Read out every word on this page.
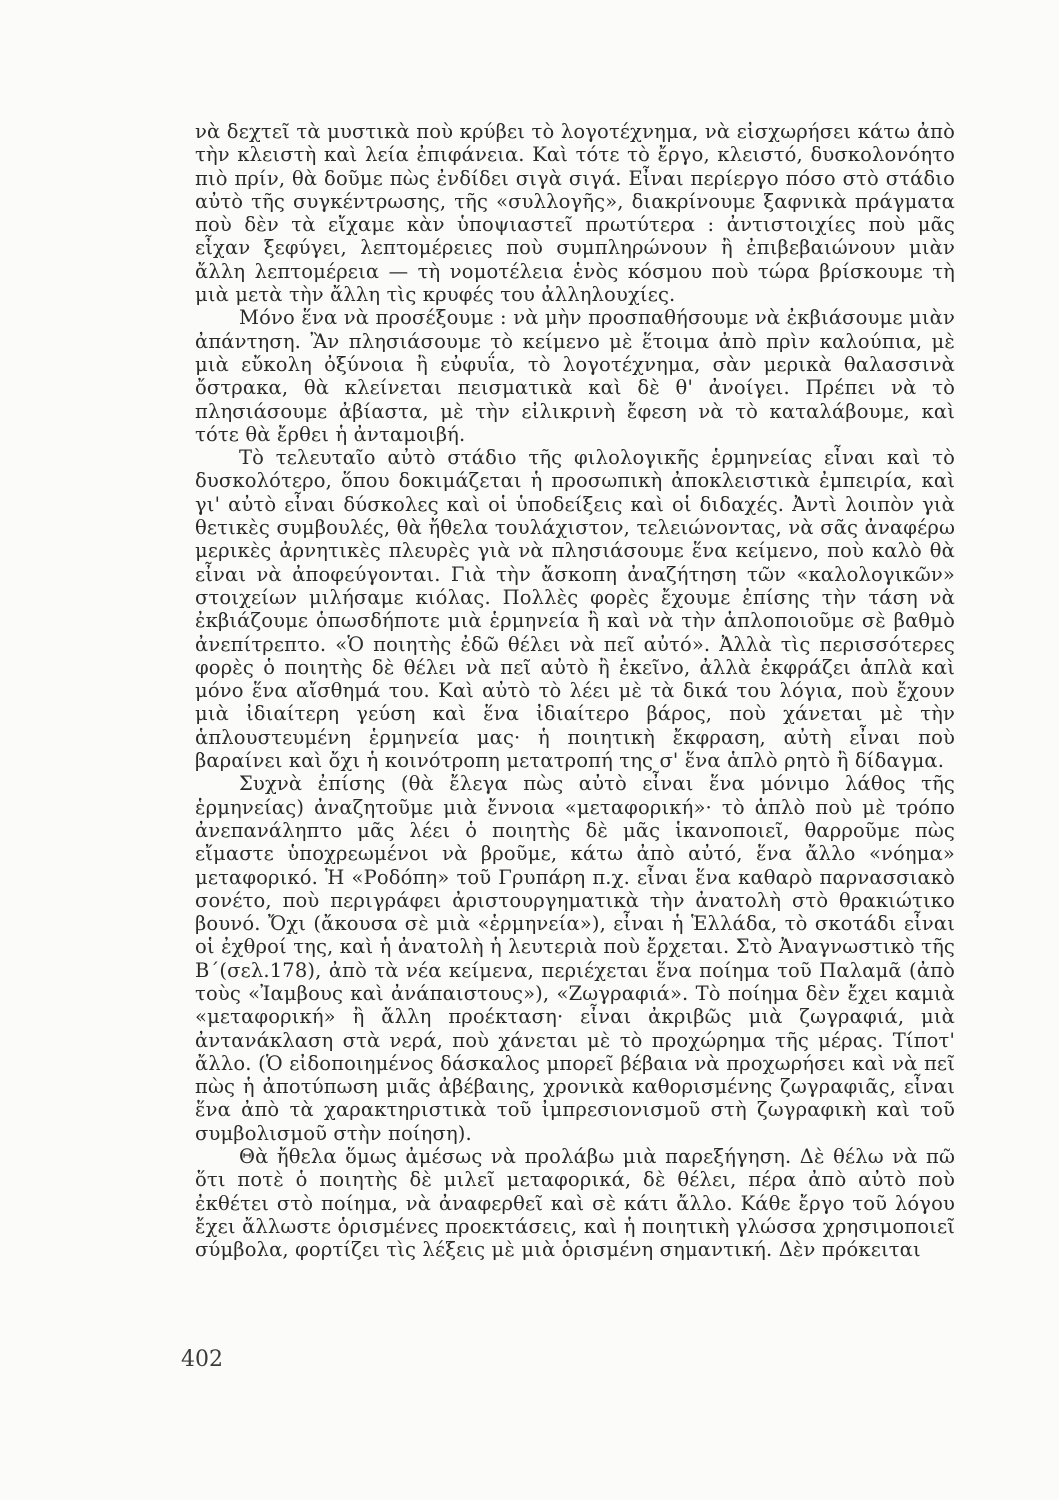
νὰ δεχτεῖ τὰ μυστικὰ ποὺ κρύβει τὸ λογοτέχνημα, νὰ εἰσχωρήσει κάτω ἀπὸ τὴν κλειστὴ καὶ λεία ἐπιφάνεια. Καὶ τότε τὸ ἔργο, κλειστό, δυσκολονόητο πιὸ πρίν, θὰ δοῦμε πὼς ἐνδίδει σιγὰ σιγά. Εἶναι περίεργο πόσο στὸ στάδιο αὐτὸ τῆς συγκέντρωσης, τῆς «συλλογῆς», διακρίνουμε ξαφνικὰ πράγματα ποὺ δὲν τὰ εἴχαμε κὰν ὑποψιαστεῖ πρωτύτερα : ἀντιστοιχίες ποὺ μᾶς εἶχαν ξεφύγει, λεπτομέρειες ποὺ συμπληρώνουν ἢ ἐπιβεβαιώνουν μιὰν ἄλλη λεπτομέρεια — τὴ νομοτέλεια ἑνὸς κόσμου ποὺ τώρα βρίσκουμε τὴ μιὰ μετὰ τὴν ἄλλη τὶς κρυφές του ἀλληλουχίες.

Μόνο ἕνα νὰ προσέξουμε : νὰ μὴν προσπαθήσουμε νὰ ἐκβιάσουμε μιὰν ἀπάντηση. Ἂν πλησιάσουμε τὸ κείμενο μὲ ἕτοιμα ἀπὸ πρὶν καλούπια, μὲ μιὰ εὔκολη ὀξύνοια ἢ εὐφυΐα, τὸ λογοτέχνημα, σὰν μερικὰ θαλασσινὰ ὄστρακα, θὰ κλείνεται πεισματικὰ καὶ δὲ θ' ἀνοίγει. Πρέπει νὰ τὸ πλησιάσουμε ἀβίαστα, μὲ τὴν εἰλικρινὴ ἔφεση νὰ τὸ καταλάβουμε, καὶ τότε θὰ ἔρθει ἡ ἀνταμοιβή.

Τὸ τελευταῖο αὐτὸ στάδιο τῆς φιλολογικῆς ἑρμηνείας εἶναι καὶ τὸ δυσκολότερο, ὅπου δοκιμάζεται ἡ προσωπικὴ ἀποκλειστικὰ ἐμπειρία, καὶ γι' αὐτὸ εἶναι δύσκολες καὶ οἱ ὑποδείξεις καὶ οἱ διδαχές. Ἀντὶ λοιπὸν γιὰ θετικὲς συμβουλές, θὰ ἤθελα τουλάχιστον, τελειώνοντας, νὰ σᾶς ἀναφέρω μερικὲς ἀρνητικὲς πλευρὲς γιὰ νὰ πλησιάσουμε ἕνα κείμενο, ποὺ καλὸ θὰ εἶναι νὰ ἀποφεύγονται. Γιὰ τὴν ἄσκοπη ἀναζήτηση τῶν «καλολογικῶν» στοιχείων μιλήσαμε κιόλας. Πολλὲς φορὲς ἔχουμε ἐπίσης τὴν τάση νὰ ἐκβιάζουμε ὁπωσδήποτε μιὰ ἑρμηνεία ἢ καὶ νὰ τὴν ἁπλοποιοῦμε σὲ βαθμὸ ἀνεπίτρεπτο. «Ὁ ποιητὴς ἐδῶ θέλει νὰ πεῖ αὐτό». Ἀλλὰ τὶς περισσότερες φορὲς ὁ ποιητὴς δὲ θέλει νὰ πεῖ αὐτὸ ἢ ἐκεῖνο, ἀλλὰ ἐκφράζει ἁπλὰ καὶ μόνο ἕνα αἴσθημά του. Καὶ αὐτὸ τὸ λέει μὲ τὰ δικά του λόγια, ποὺ ἔχουν μιὰ ἰδιαίτερη γεύση καὶ ἕνα ἰδιαίτερο βάρος, ποὺ χάνεται μὲ τὴν ἁπλουστευμένη ἑρμηνεία μας· ἡ ποιητικὴ ἔκφραση, αὐτὴ εἶναι ποὺ βαραίνει καὶ ὄχι ἡ κοινότροπη μετατροπή της σ' ἕνα ἁπλὸ ρητὸ ἢ δίδαγμα.

Συχνὰ ἐπίσης (θὰ ἔλεγα πὼς αὐτὸ εἶναι ἕνα μόνιμο λάθος τῆς ἑρμηνείας) ἀναζητοῦμε μιὰ ἔννοια «μεταφορική»· τὸ ἁπλὸ ποὺ μὲ τρόπο ἀνεπανάληπτο μᾶς λέει ὁ ποιητὴς δὲ μᾶς ἱκανοποιεῖ, θαρροῦμε πὼς εἴμαστε ὑποχρεωμένοι νὰ βροῦμε, κάτω ἀπὸ αὐτό, ἕνα ἄλλο «νόημα» μεταφορικό. Ἡ «Ροδόπη» τοῦ Γρυπάρη π.χ. εἶναι ἕνα καθαρὸ παρνασσιακὸ σονέτο, ποὺ περιγράφει ἀριστουργηματικὰ τὴν ἀνατολὴ στὸ θρακιώτικο βουνό. Ὄχι (ἄκουσα σὲ μιὰ «ἑρμηνεία»), εἶναι ἡ Ἑλλάδα, τὸ σκοτάδι εἶναι οἱ ἐχθροί της, καὶ ἡ ἀνατολὴ ἡ λευτεριὰ ποὺ ἔρχεται. Στὸ Ἀναγνωστικὸ τῆς Β΄(σελ.178), ἀπὸ τὰ νέα κείμενα, περιέχεται ἕνα ποίημα τοῦ Παλαμᾶ (ἀπὸ τοὺς «Ἰαμβους καὶ ἀνάπαιστους»), «Ζωγραφιά». Τὸ ποίημα δὲν ἔχει καμιὰ «μεταφορική» ἢ ἄλλη προέκταση· εἶναι ἀκριβῶς μιὰ ζωγραφιά, μιὰ ἀντανάκλαση στὰ νερά, ποὺ χάνεται μὲ τὸ προχώρημα τῆς μέρας. Τίποτ' ἄλλο. (Ὁ εἰδοποιημένος δάσκαλος μπορεῖ βέβαια νὰ προχωρήσει καὶ νὰ πεῖ πὼς ἡ ἀποτύπωση μιᾶς ἀβέβαιης, χρονικὰ καθορισμένης ζωγραφιᾶς, εἶναι ἕνα ἀπὸ τὰ χαρακτηριστικὰ τοῦ ἰμπρεσιονισμοῦ στὴ ζωγραφικὴ καὶ τοῦ συμβολισμοῦ στὴν ποίηση).

Θὰ ἤθελα ὅμως ἀμέσως νὰ προλάβω μιὰ παρεξήγηση. Δὲ θέλω νὰ πῶ ὅτι ποτὲ ὁ ποιητὴς δὲ μιλεῖ μεταφορικά, δὲ θέλει, πέρα ἀπὸ αὐτὸ ποὺ ἐκθέτει στὸ ποίημα, νὰ ἀναφερθεῖ καὶ σὲ κάτι ἄλλο. Κάθε ἔργο τοῦ λόγου ἔχει ἄλλωστε ὁρισμένες προεκτάσεις, καὶ ἡ ποιητικὴ γλώσσα χρησιμοποιεῖ σύμβολα, φορτίζει τὶς λέξεις μὲ μιὰ ὁρισμένη σημαντική. Δὲν πρόκειται

402
